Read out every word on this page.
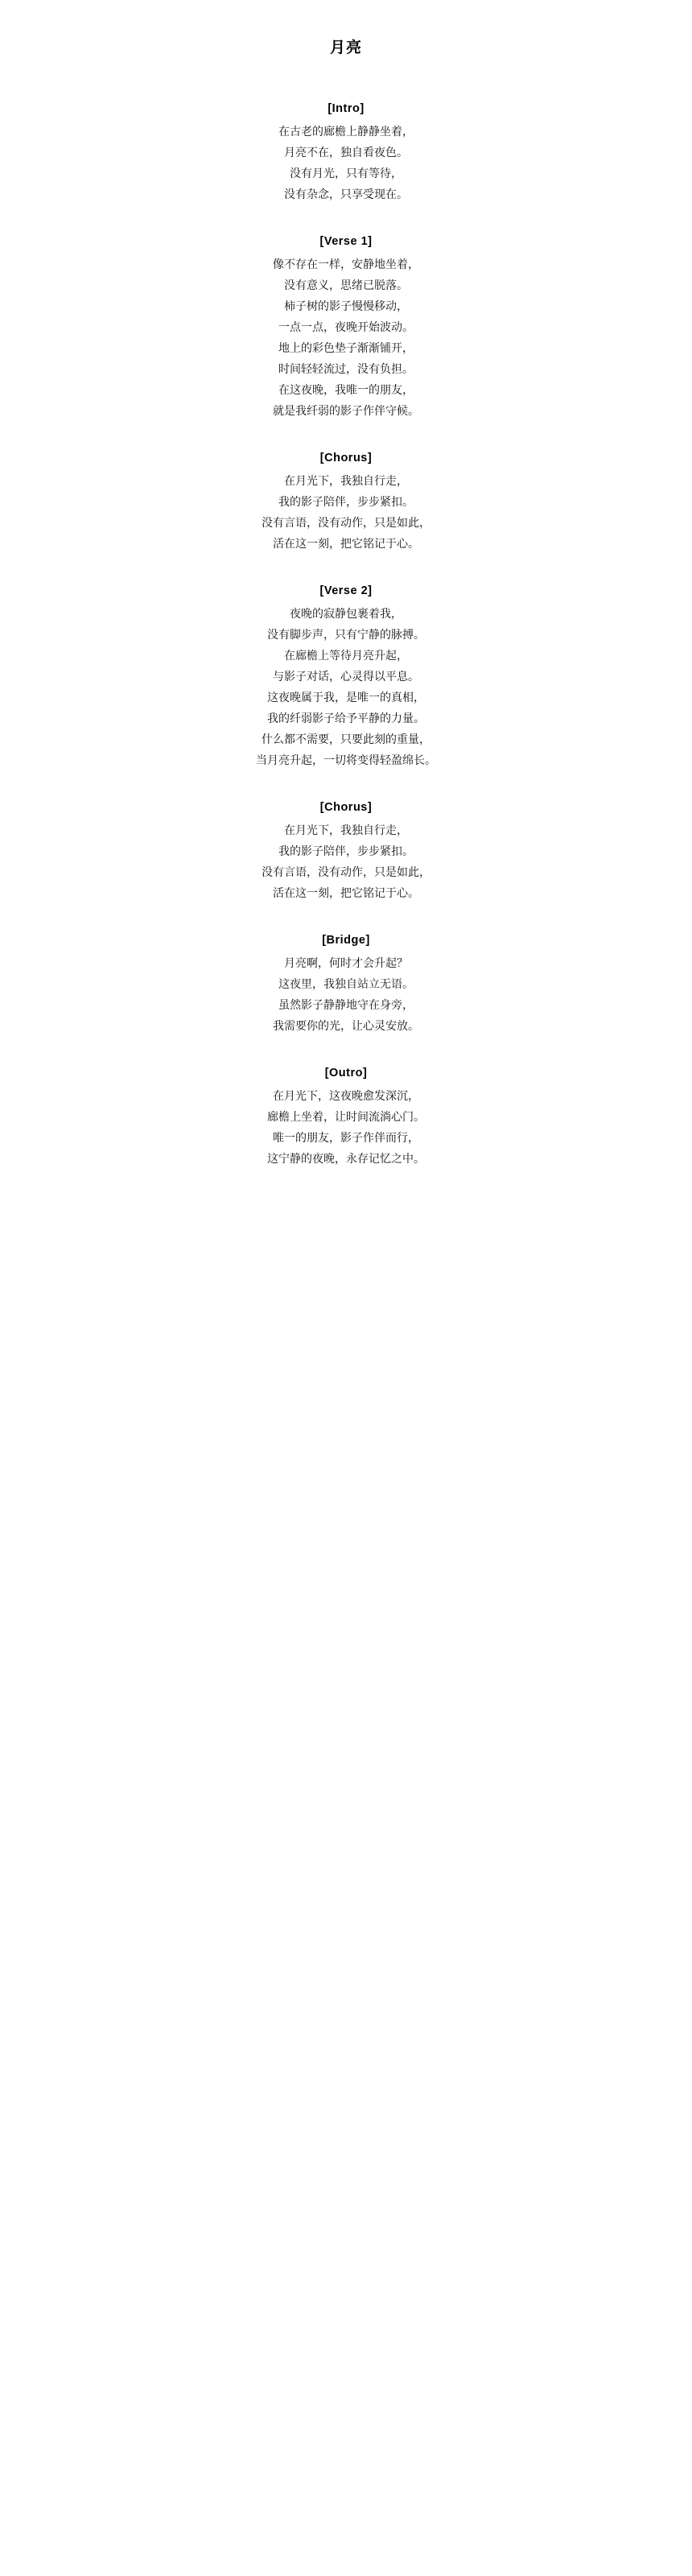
月亮
[Intro]
在古老的廊檐上静静坐着，
月亮不在，独自看夜色。
没有月光，只有等待，
没有杂念，只享受现在。
[Verse 1]
像不存在一样，安静地坐着，
没有意义，思绪已脱落。
柿子树的影子慢慢移动，
一点一点，夜晚开始波动。
地上的彩色垫子渐渐铺开，
时间轻轻流过，没有负担。
在这夜晚，我唯一的朋友，
就是我纤弱的影子作伴守候。
[Chorus]
在月光下，我独自行走，
我的影子陪伴，步步紧扣。
没有言语，没有动作，只是如此，
活在这一刻，把它铭记于心。
[Verse 2]
夜晚的寂静包裹着我，
没有脚步声，只有宁静的脉搏。
在廊檐上等待月亮升起，
与影子对话，心灵得以平息。
这夜晚属于我，是唯一的真相，
我的纤弱影子给予平静的力量。
什么都不需要，只要此刻的重量，
当月亮升起，一切将变得轻盈绵长。
[Chorus]
在月光下，我独自行走，
我的影子陪伴，步步紧扣。
没有言语，没有动作，只是如此，
活在这一刻，把它铭记于心。
[Bridge]
月亮啊，何时才会升起？
这夜里，我独自站立无语。
虽然影子静静地守在身旁，
我需要你的光，让心灵安放。
[Outro]
在月光下，这夜晚愈发深沉，
廊檐上坐着，让时间流淌心门。
唯一的朋友，影子作伴而行，
这宁静的夜晚，永存记忆之中。
